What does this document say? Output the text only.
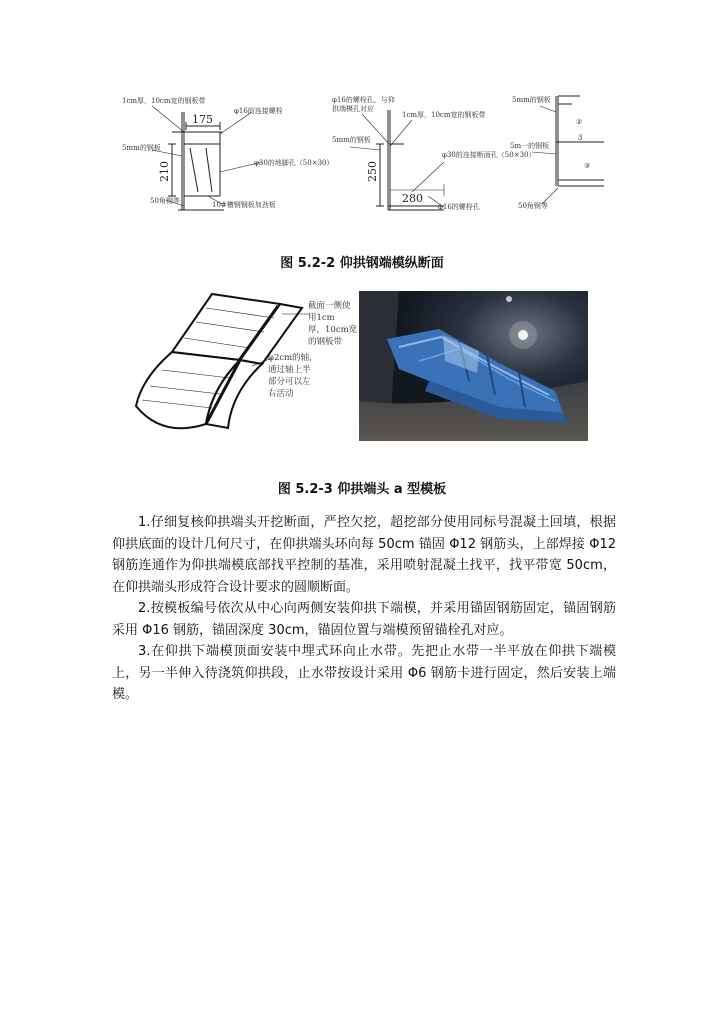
1cm厚，10cm宽的钢板带
φ16的连接螺栓
5mm的钢板
φ30的地脚孔（50×30）
50角钢等	10#槽钢钢板加劲板
175
210
φ16的螺栓孔，与仰
拱端模孔对应
1cm厚，10cm宽的钢板带
5mm的钢板
φ30的连接断面孔（50×30）
φ16的螺栓孔
280
250
5mm的钢板
5m一的钢板
50角钢等
②
3
③
图 5.2-2 仰拱钢端模纵断面
截面一侧使
用1cm
厚，10cm宽
的钢板带
φ2cm的轴，
通过轴上半
部分可以左
右活动
图 5.2-3 仰拱端头 a 型模板

1.仔细复核仰拱端头开挖断面，严控欠挖，超挖部分使用同标号混凝土回填，根据仰拱底面的设计几何尺寸，在仰拱端头环向每 50cm 锚固 Φ12 钢筋头，上部焊接 Φ12 钢筋连通作为仰拱端模底部找平控制的基准，采用喷射混凝土找平，找平带宽 50cm，在仰拱端头形成符合设计要求的圆顺断面。

2.按模板编号依次从中心向两侧安装仰拱下端模，并采用锚固钢筋固定，锚固钢筋采用 Φ16 钢筋，锚固深度 30cm，锚固位置与端模预留锚栓孔对应。

3.在仰拱下端模顶面安装中埋式环向止水带。先把止水带一半平放在仰拱下端模上，另一半伸入待浇筑仰拱段，止水带按设计采用 Φ6 钢筋卡进行固定，然后安装上端模。
